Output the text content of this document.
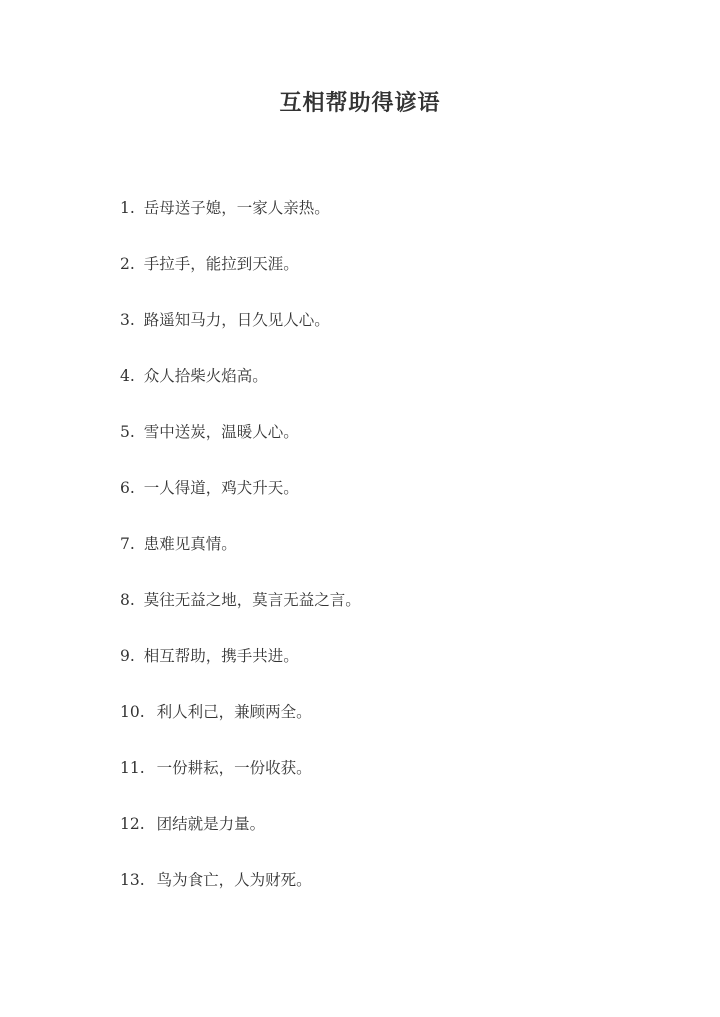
互相帮助得谚语
1. 岳母送子媳，一家人亲热。
2. 手拉手，能拉到天涯。
3. 路遥知马力，日久见人心。
4. 众人拾柴火焰高。
5. 雪中送炭，温暖人心。
6. 一人得道，鸡犬升天。
7. 患难见真情。
8. 莫往无益之地，莫言无益之言。
9. 相互帮助，携手共进。
10. 利人利己，兼顾两全。
11. 一份耕耘，一份收获。
12. 团结就是力量。
13. 鸟为食亡，人为财死。
